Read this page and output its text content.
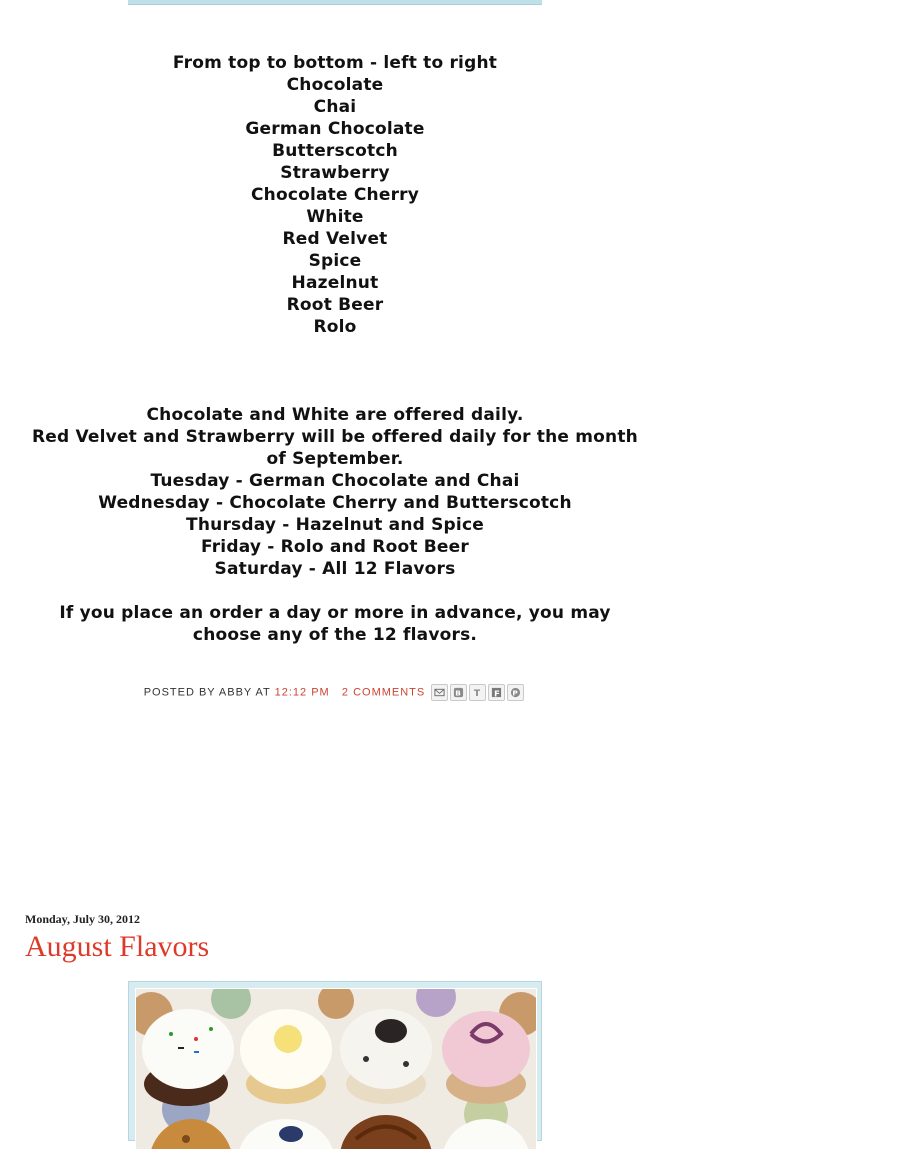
From top to bottom - left to right
Chocolate
Chai
German Chocolate
Butterscotch
Strawberry
Chocolate Cherry
White
Red Velvet
Spice
Hazelnut
Root Beer
Rolo
Chocolate and White are offered daily.
Red Velvet and Strawberry will be offered daily for the month of September.
Tuesday - German Chocolate and Chai
Wednesday - Chocolate Cherry and Butterscotch
Thursday - Hazelnut and Spice
Friday - Rolo and Root Beer
Saturday - All 12 Flavors
If you place an order a day or more in advance, you may choose any of the 12 flavors.
POSTED BY ABBY AT 12:12 PM 2 COMMENTS	B T F P
Monday, July 30, 2012
August Flavors
